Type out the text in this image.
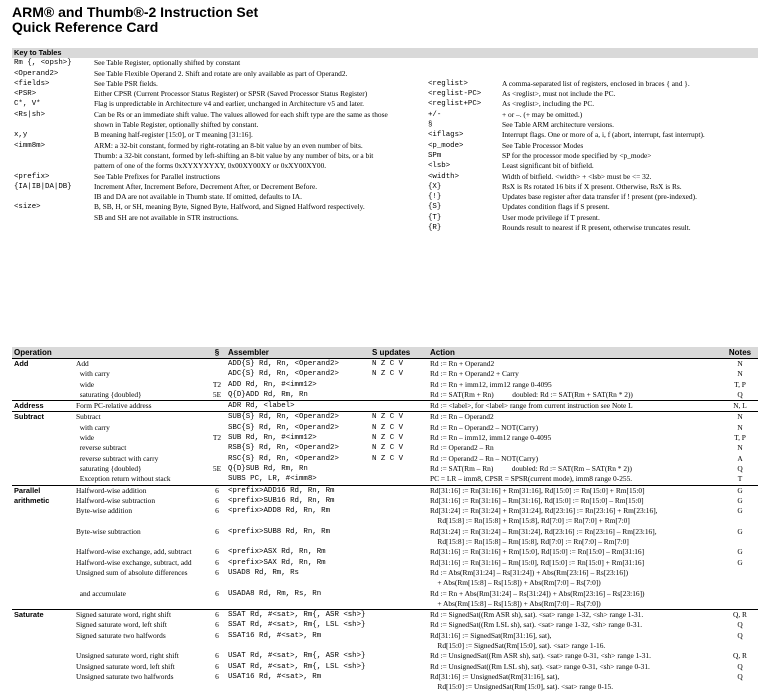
ARM® and Thumb®-2 Instruction Set
Quick Reference Card
Key to Tables			
Rm {, <opsh>}	See Table Register, optionally shifted by constant		
<Operand2>	See Table Flexible Operand 2. Shift and rotate are only available as part of Operand2.		
<fields>	See Table PSR fields.	<reglist>	A comma-separated list of registers, enclosed in braces { and }.
<PSR>	Either CPSR (Current Processor Status Register) or SPSR (Saved Processor Status Register)	<reglist-PC>	As <reglist>, must not include the PC.
C*, V*	Flag is unpredictable in Architecture v4 and earlier, unchanged in Architecture v5 and later.	<reglist+PC>	As <reglist>, including the PC.
<Rs|sh>	Can be Rs or an immediate shift value. The values allowed for each shift type are the same as those	+/-	+ or –. (+ may be omitted.)
	shown in Table Register, optionally shifted by constant.	§	See Table ARM architecture versions.
x,y	B meaning half-register [15:0], or T meaning [31:16].	<iflags>	Interrupt flags. One or more of a, i, f (abort, interrupt, fast interrupt).
<imm8m>	ARM: a 32-bit constant, formed by right-rotating an 8-bit value by an even number of bits.	<p_mode>	See Table Processor Modes
	Thumb: a 32-bit constant, formed by left-shifting an 8-bit value by any number of bits, or a bit	SPm	SP for the processor mode specified by <p_mode>
	pattern of one of the forms 0xXYXYXYXY, 0x00XY00XY or 0xXY00XY00.	<lsb>	Least significant bit of bitfield.
<prefix>	See Table Prefixes for Parallel instructions	<width>	Width of bitfield. <width> + <lsb> must be <= 32.
{IA|IB|DA|DB}	Increment After, Increment Before, Decrement After, or Decrement Before.	{X}	RsX is Rs rotated 16 bits if X present. Otherwise, RsX is Rs.
	IB and DA are not available in Thumb state. If omitted, defaults to IA.	{!}	Updates base register after data transfer if ! present (pre-indexed).
<size>	B, SB, H, or SH, meaning Byte, Signed Byte, Halfword, and Signed Halfword respectively.	{S}	Updates condition flags if S present.
	SB and SH are not available in STR instructions.	{T}	User mode privilege if T present.
		{R}	Rounds result to nearest if R present, otherwise truncates result.
Operation		§	Assembler	S updates	Action	Notes
Add	Add		ADD{S} Rd, Rn, <Operand2>	N Z C V	Rd := Rn + Operand2	N
	with carry		ADC{S} Rd, Rn, <Operand2>	N Z C V	Rd := Rn + Operand2 + Carry	N
	wide	T2	ADD Rd, Rn, #<imm12>		Rd := Rn + imm12, imm12 range 0-4095	T, P
	saturating {doubled}	5E	Q{D}ADD Rd, Rm, Rn		Rd := SAT(Rm + Rn)          doubled: Rd := SAT(Rm + SAT(Rn * 2))	Q
Address	Form PC-relative address		ADR Rd, <label>		Rd := <label>, for <label> range from current instruction see Note L	N, L
Subtract	Subtract		SUB{S} Rd, Rn, <Operand2>	N Z C V	Rd := Rn – Operand2	N
	with carry		SBC{S} Rd, Rn, <Operand2>	N Z C V	Rd := Rn – Operand2 – NOT(Carry)	N
	wide	T2	SUB Rd, Rn, #<imm12>	N Z C V	Rd := Rn – imm12, imm12 range 0-4095	T, P
	reverse subtract		RSB{S} Rd, Rn, <Operand2>	N Z C V	Rd := Operand2 – Rn	N
	reverse subtract with carry		RSC{S} Rd, Rn, <Operand2>	N Z C V	Rd := Operand2 – Rn – NOT(Carry)	A
	saturating {doubled}	5E	Q{D}SUB Rd, Rm, Rn		Rd := SAT(Rm – Rn)          doubled: Rd := SAT(Rm – SAT(Rn * 2))	Q
	Exception return without stack		SUBS PC, LR, #<imm8>		PC = LR – imm8, CPSR = SPSR(current mode), imm8 range 0-255.	T
Parallel	Halfword-wise addition	6	<prefix>ADD16 Rd, Rn, Rm		Rd[31:16] := Rn[31:16] + Rm[31:16], Rd[15:0] := Rn[15:0] + Rm[15:0]	G
arithmetic	Halfword-wise subtraction	6	<prefix>SUB16 Rd, Rn, Rm		Rd[31:16] := Rn[31:16] – Rm[31:16], Rd[15:0] := Rn[15:0] – Rm[15:0]	G
	Byte-wise addition	6	<prefix>ADD8 Rd, Rn, Rm		Rd[31:24] := Rn[31:24] + Rm[31:24], Rd[23:16] := Rn[23:16] + Rm[23:16],	G
					Rd[15:8] := Rn[15:8] + Rm[15:8], Rd[7:0] := Rn[7:0] + Rm[7:0]	
	Byte-wise subtraction	6	<prefix>SUB8 Rd, Rn, Rm		Rd[31:24] := Rn[31:24] – Rm[31:24], Rd[23:16] := Rn[23:16] – Rm[23:16],	G
					Rd[15:8] := Rn[15:8] – Rm[15:8], Rd[7:0] := Rn[7:0] – Rm[7:0]	
	Halfword-wise exchange, add, subtract	6	<prefix>ASX Rd, Rn, Rm		Rd[31:16] := Rn[31:16] + Rm[15:0], Rd[15:0] := Rn[15:0] – Rm[31:16]	G
	Halfword-wise exchange, subtract, add	6	<prefix>SAX Rd, Rn, Rm		Rd[31:16] := Rn[31:16] – Rm[15:0], Rd[15:0] := Rn[15:0] + Rm[31:16]	G
	Unsigned sum of absolute differences	6	USAD8 Rd, Rm, Rs		Rd := Abs(Rm[31:24] – Rs[31:24]) + Abs(Rm[23:16] – Rs[23:16])	
					+ Abs(Rm[15:8] – Rs[15:8]) + Abs(Rm[7:0] – Rs[7:0])	
	and accumulate	6	USADA8 Rd, Rm, Rs, Rn		Rd := Rn + Abs(Rm[31:24] – Rs[31:24]) + Abs(Rm[23:16] – Rs[23:16])	
					+ Abs(Rm[15:8] – Rs[15:8]) + Abs(Rm[7:0] – Rs[7:0])	
Saturate	Signed saturate word, right shift	6	SSAT Rd, #<sat>, Rm{, ASR <sh>}		Rd := SignedSat((Rm ASR sh), sat). <sat> range 1-32, <sh> range 1-31.	Q, R
	Signed saturate word, left shift	6	SSAT Rd, #<sat>, Rm{, LSL <sh>}		Rd := SignedSat((Rm LSL sh), sat). <sat> range 1-32, <sh> range 0-31.	Q
	Signed saturate two halfwords	6	SSAT16 Rd, #<sat>, Rm		Rd[31:16] := SignedSat(Rm[31:16], sat),	Q
					Rd[15:0] := SignedSat(Rm[15:0], sat). <sat> range 1-16.	
	Unsigned saturate word, right shift	6	USAT Rd, #<sat>, Rm{, ASR <sh>}		Rd := UnsignedSat((Rm ASR sh), sat). <sat> range 0-31, <sh> range 1-31.	Q, R
	Unsigned saturate word, left shift	6	USAT Rd, #<sat>, Rm{, LSL <sh>}		Rd := UnsignedSat((Rm LSL sh), sat). <sat> range 0-31, <sh> range 0-31.	Q
	Unsigned saturate two halfwords	6	USAT16 Rd, #<sat>, Rm		Rd[31:16] := UnsignedSat(Rm[31:16], sat),	Q
					Rd[15:0] := UnsignedSat(Rm[15:0], sat). <sat> range 0-15.	
